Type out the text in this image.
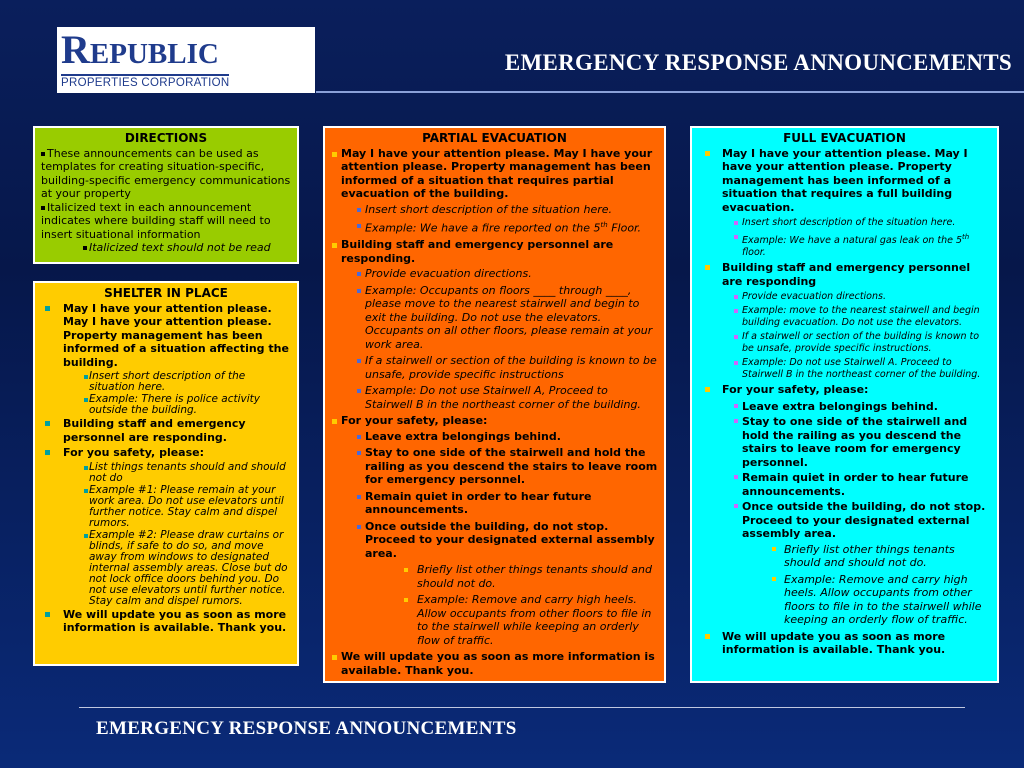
REPUBLIC
PROPERTIES CORPORATION
EMERGENCY RESPONSE ANNOUNCEMENTS
DIRECTIONS
These announcements can be used as templates for creating situation-specific, building-specific emergency communications at your property
Italicized text in each announcement indicates where building staff will need to insert situational information
Italicized text should not be read
SHELTER IN PLACE
May I have your attention please. May I have your attention please. Property management has been informed of a situation affecting the building.
Insert short description of the situation here.
Example: There is police activity outside the building.
Building staff and emergency personnel are responding.
For you safety, please:
List things tenants should and should not do
Example #1: Please remain at your work area. Do not use elevators until further notice. Stay calm and dispel rumors.
Example #2: Please draw curtains or blinds, if safe to do so, and move away from windows to designated internal assembly areas. Close but do not lock office doors behind you. Do not use elevators until further notice. Stay calm and dispel rumors.
We will update you as soon as more information is available. Thank you.
PARTIAL EVACUATION
May I have your attention please. May I have your attention please. Property management has been informed of a situation that requires partial evacuation of the building.
Insert short description of the situation here.
Example: We have a fire reported on the 5th Floor.
Building staff and emergency personnel are responding.
Provide evacuation directions.
Example: Occupants on floors ____ through ____, please move to the nearest stairwell and begin to exit the building. Do not use the elevators. Occupants on all other floors, please remain at your work area.
If a stairwell or section of the building is known to be unsafe, provide specific instructions
Example: Do not use Stairwell A, Proceed to Stairwell B in the northeast corner of the building.
For your safety, please:
Leave extra belongings behind.
Stay to one side of the stairwell and hold the railing as you descend the stairs to leave room for emergency personnel.
Remain quiet in order to hear future announcements.
Once outside the building, do not stop. Proceed to your designated external assembly area.
Briefly list other things tenants should and should not do.
Example: Remove and carry high heels. Allow occupants from other floors to file in to the stairwell while keeping an orderly flow of traffic.
We will update you as soon as more information is available. Thank you.
FULL EVACUATION
May I have your attention please. May I have your attention please. Property management has been informed of a situation that requires a full building evacuation.
Insert short description of the situation here.
Example: We have a natural gas leak on the 5th floor.
Building staff and emergency personnel are responding
Provide evacuation directions.
Example: move to the nearest stairwell and begin building evacuation. Do not use the elevators.
If a stairwell or section of the building is known to be unsafe, provide specific instructions.
Example: Do not use Stairwell A. Proceed to Stairwell B in the northeast corner of the building.
For your safety, please:
Leave extra belongings behind.
Stay to one side of the stairwell and hold the railing as you descend the stairs to leave room for emergency personnel.
Remain quiet in order to hear future announcements.
Once outside the building, do not stop. Proceed to your designated external assembly area.
Briefly list other things tenants should and should not do.
Example: Remove and carry high heels. Allow occupants from other floors to file in to the stairwell while keeping an orderly flow of traffic.
We will update you as soon as more information is available. Thank you.
EMERGENCY RESPONSE ANNOUNCEMENTS
